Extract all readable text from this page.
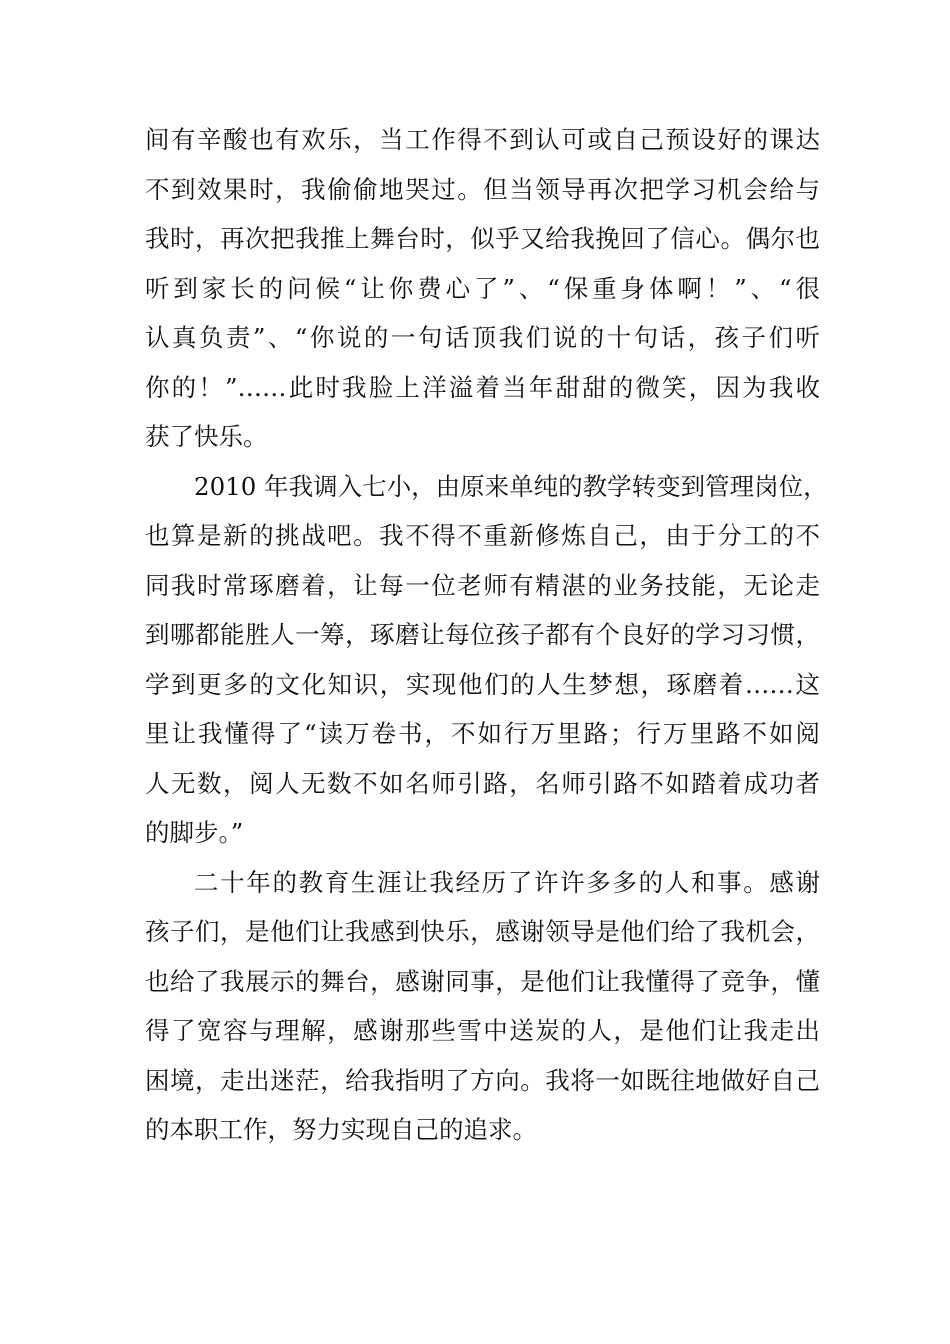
间有辛酸也有欢乐，当工作得不到认可或自己预设好的课达
不到效果时，我偷偷地哭过。但当领导再次把学习机会给与
我时，再次把我推上舞台时，似乎又给我挽回了信心。偶尔也
听到家长的问候“让你费心了”、“保重身体啊！”、“很
认真负责”、“你说的一句话顶我们说的十句话，孩子们听
你的！”……此时我脸上洋溢着当年甜甜的微笑，因为我收
获了快乐。
2010 年我调入七小，由原来单纯的教学转变到管理岗位，
也算是新的挑战吧。我不得不重新修炼自己，由于分工的不
同我时常琢磨着，让每一位老师有精湛的业务技能，无论走
到哪都能胜人一筹，琢磨让每位孩子都有个良好的学习习惯，
学到更多的文化知识，实现他们的人生梦想，琢磨着……这
里让我懂得了“读万卷书，不如行万里路；行万里路不如阅
人无数，阅人无数不如名师引路，名师引路不如踏着成功者
的脚步。”
二十年的教育生涯让我经历了许许多多的人和事。感谢
孩子们，是他们让我感到快乐，感谢领导是他们给了我机会，
也给了我展示的舞台，感谢同事，是他们让我懂得了竞争，懂
得了宽容与理解，感谢那些雪中送炭的人，是他们让我走出
困境，走出迷茫，给我指明了方向。我将一如既往地做好自己
的本职工作，努力实现自己的追求。
